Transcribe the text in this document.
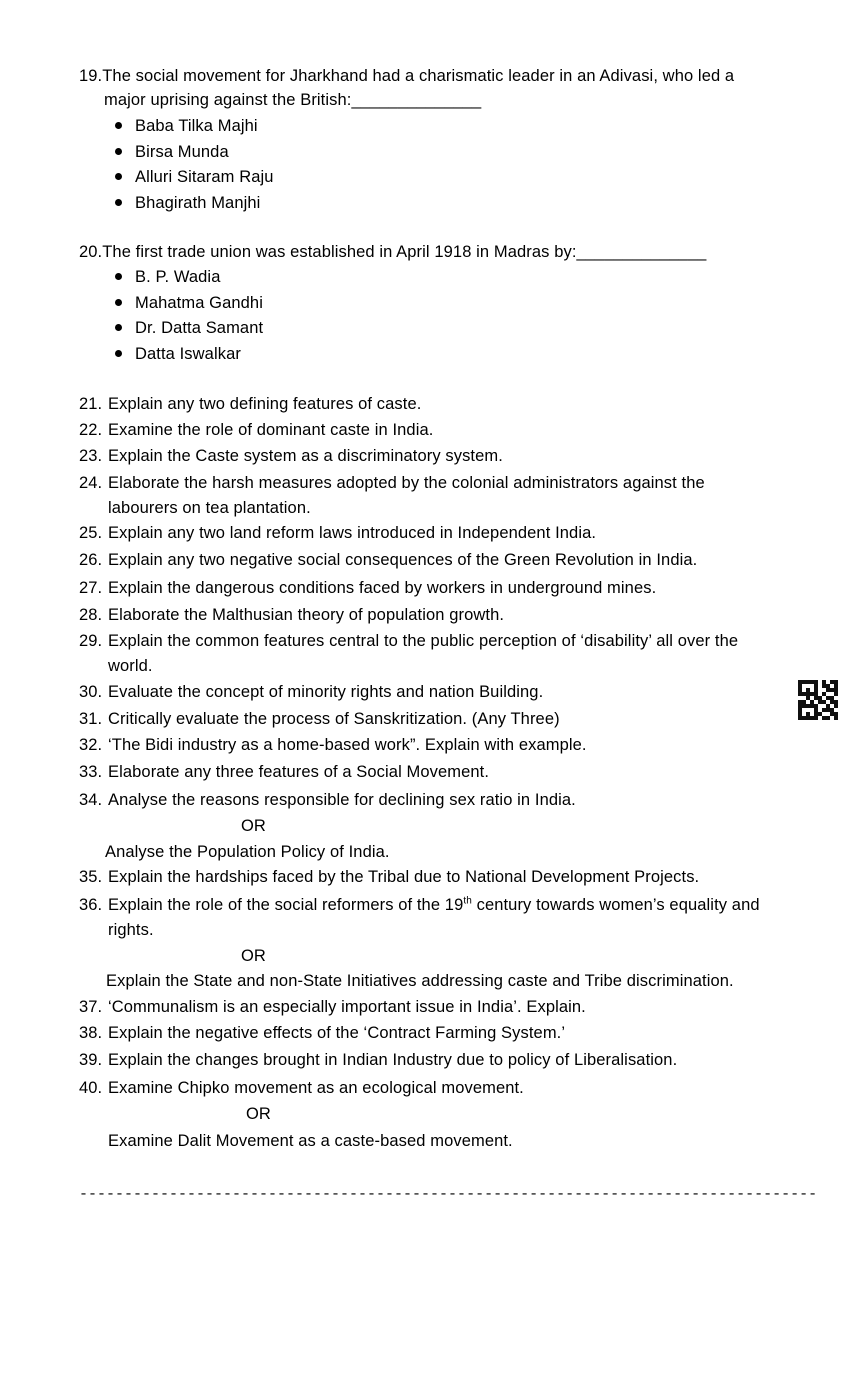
19.The social movement for Jharkhand had a charismatic leader in an Adivasi, who led a
major uprising against the British:______________
Baba Tilka Majhi
Birsa Munda
Alluri Sitaram Raju
Bhagirath Manjhi
20.The first trade union was established in April 1918 in Madras by:______________
B. P. Wadia
Mahatma Gandhi
Dr. Datta Samant
Datta Iswalkar
21. Explain any two defining features of caste.
22. Examine the role of dominant caste in India.
23. Explain the Caste system as a discriminatory system.
24. Elaborate the harsh measures adopted by the colonial administrators against the
labourers on tea plantation.
25. Explain any two land reform laws introduced in Independent India.
26. Explain any two negative social consequences of the Green Revolution in India.
27. Explain the dangerous conditions faced by workers in underground mines.
28. Elaborate the Malthusian theory of population growth.
29. Explain the common features central to the public perception of ‘disability’ all over the
world.
30. Evaluate the concept of minority rights and nation Building.
31. Critically evaluate the process of Sanskritization. (Any Three)
32. ‘The Bidi industry as a home-based work”. Explain with example.
33. Elaborate any three features of a Social Movement.
34. Analyse the reasons responsible for declining sex ratio in India.
OR
Analyse the Population Policy of India.
35. Explain the hardships faced by the Tribal due to National Development Projects.
36. Explain the role of the social reformers of the 19th century towards women’s equality and
rights.
OR
Explain the State and non-State Initiatives addressing caste and Tribe discrimination.
37. ‘Communalism is an especially important issue in India’. Explain.
38. Explain the negative effects of the ‘Contract Farming System.’
39. Explain the changes brought in Indian Industry due to policy of Liberalisation.
40. Examine Chipko movement as an ecological movement.
OR
Examine Dalit Movement as a caste-based movement.
----------------------------------------------------------------------------------
